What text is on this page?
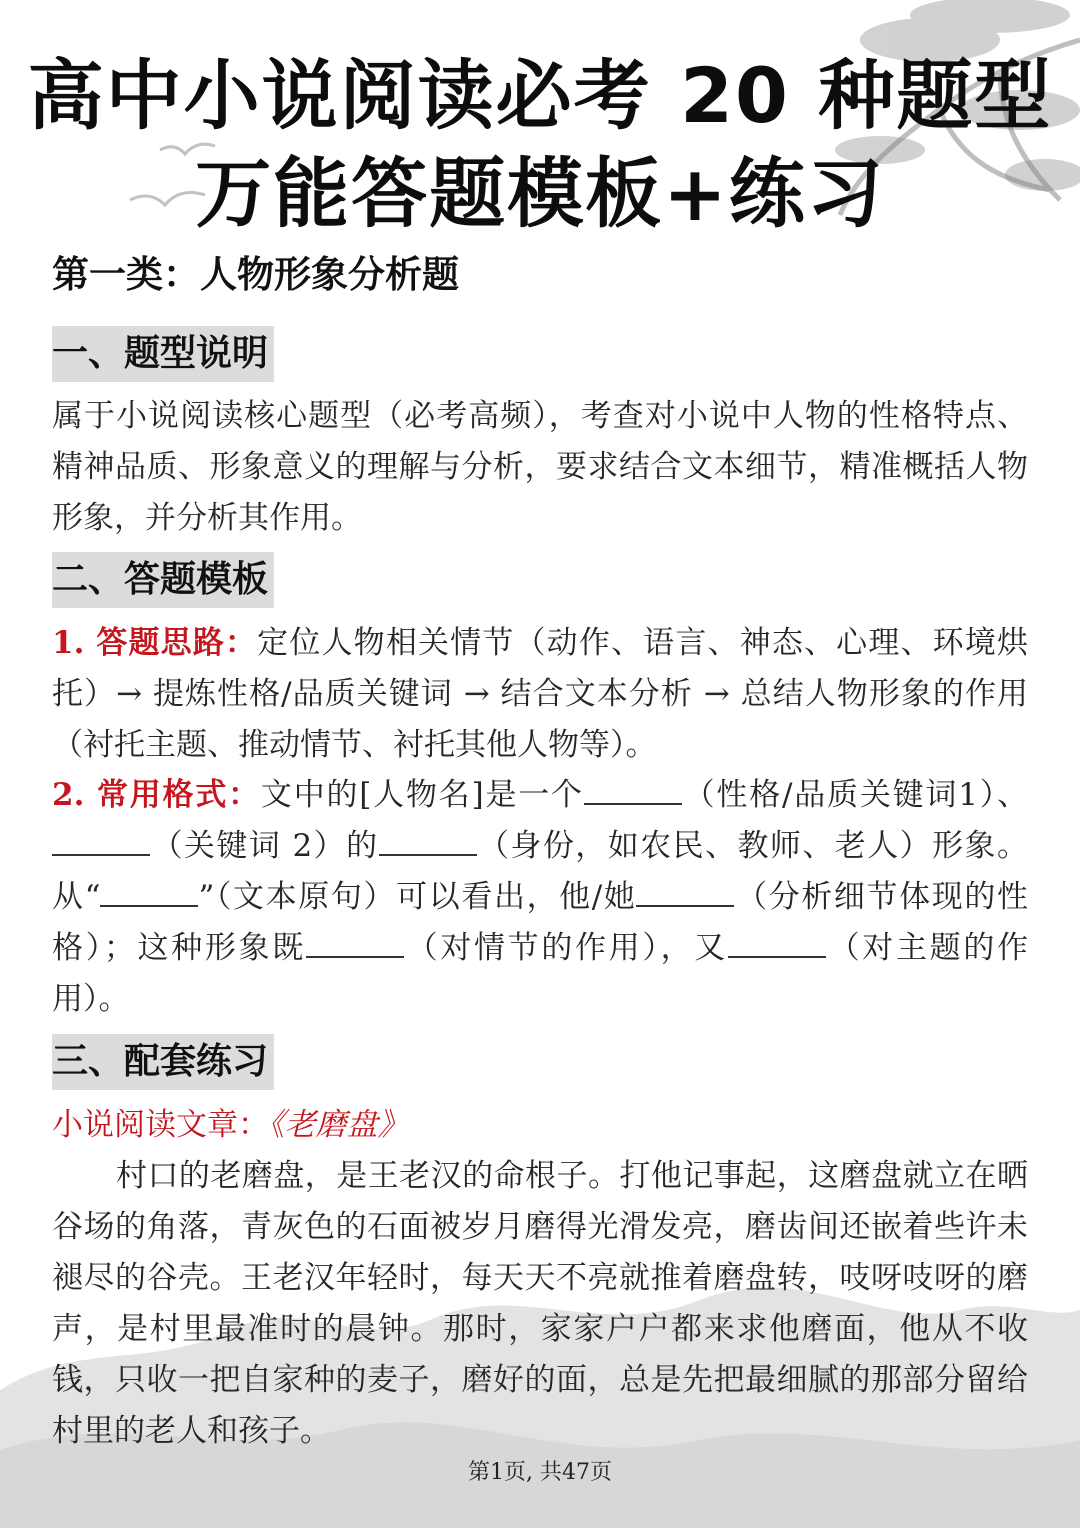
高中小说阅读必考 20 种题型
万能答题模板+练习
第一类：人物形象分析题
一、题型说明
属于小说阅读核心题型（必考高频），考查对小说中人物的性格特点、精神品质、形象意义的理解与分析，要求结合文本细节，精准概括人物形象，并分析其作用。
二、答题模板
1. 答题思路：定位人物相关情节（动作、语言、神态、心理、环境烘托）→ 提炼性格/品质关键词 → 结合文本分析 → 总结人物形象的作用（衬托主题、推动情节、衬托其他人物等）。
2. 常用格式：文中的[人物名]是一个	（性格/品质关键词1）、（关键词 2）的	（身份，如农民、教师、老人）形象。从“	”（文本原句）可以看出，他/她	（分析细节体现的性格）；这种形象既	（对情节的作用），又	（对主题的作用）。
三、配套练习
小说阅读文章：《老磨盘》
村口的老磨盘，是王老汉的命根子。打他记事起，这磨盘就立在晒谷场的角落，青灰色的石面被岁月磨得光滑发亮，磨齿间还嵌着些许未褪尽的谷壳。王老汉年轻时，每天天不亮就推着磨盘转，吱呀吱呀的磨声，是村里最准时的晨钟。那时，家家户户都来求他磨面，他从不收钱，只收一把自家种的麦子，磨好的面，总是先把最细腻的那部分留给村里的老人和孩子。
第1页, 共47页
